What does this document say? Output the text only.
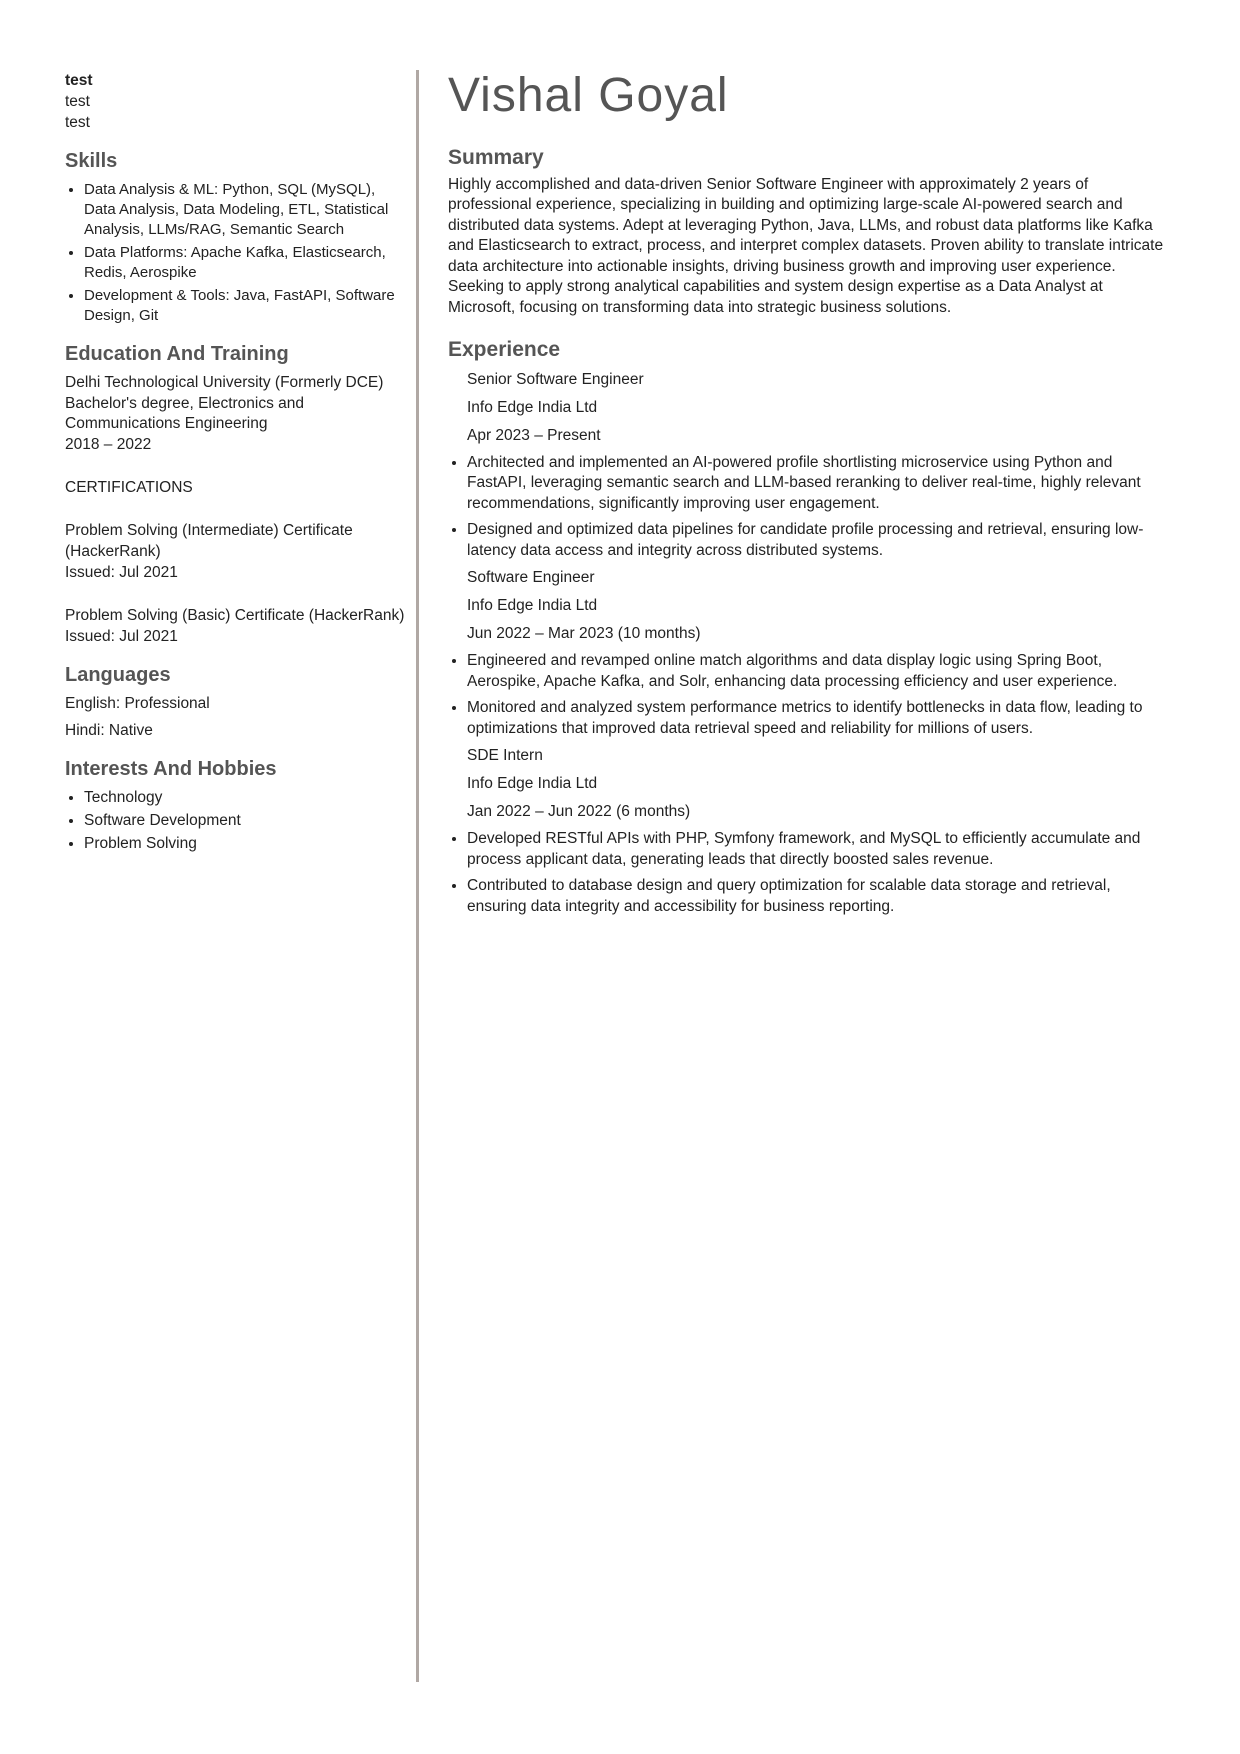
test
test
test
Skills
• Data Analysis & ML: Python, SQL (MySQL), Data Analysis, Data Modeling, ETL, Statistical Analysis, LLMs/RAG, Semantic Search
• Data Platforms: Apache Kafka, Elasticsearch, Redis, Aerospike
• Development & Tools: Java, FastAPI, Software Design, Git
Education And Training

Delhi Technological University (Formerly DCE)

Bachelor's degree, Electronics and Communications Engineering

2018 – 2022

CERTIFICATIONS

Problem Solving (Intermediate) Certificate (HackerRank)

Issued: Jul 2021

Problem Solving (Basic) Certificate (HackerRank)

Issued: Jul 2021

Languages

English: Professional

Hindi: Native

Interests And Hobbies
• Technology
• Software Development
• Problem Solving
Vishal Goyal
Summary

Highly accomplished and data-driven Senior Software Engineer with approximately 2 years of professional experience, specializing in building and optimizing large-scale AI-powered search and distributed data systems. Adept at leveraging Python, Java, LLMs, and robust data platforms like Kafka and Elasticsearch to extract, process, and interpret complex datasets. Proven ability to translate intricate data architecture into actionable insights, driving business growth and improving user experience. Seeking to apply strong analytical capabilities and system design expertise as a Data Analyst at Microsoft, focusing on transforming data into strategic business solutions.

Experience

Senior Software Engineer

Info Edge India Ltd

Apr 2023 – Present

• Architected and implemented an AI-powered profile shortlisting microservice using Python and FastAPI, leveraging semantic search and LLM-based reranking to deliver real-time, highly relevant recommendations, significantly improving user engagement.
• Designed and optimized data pipelines for candidate profile processing and retrieval, ensuring low-latency data access and integrity across distributed systems.

Software Engineer

Info Edge India Ltd

Jun 2022 – Mar 2023 (10 months)

• Engineered and revamped online match algorithms and data display logic using Spring Boot, Aerospike, Apache Kafka, and Solr, enhancing data processing efficiency and user experience.
• Monitored and analyzed system performance metrics to identify bottlenecks in data flow, leading to optimizations that improved data retrieval speed and reliability for millions of users.

SDE Intern

Info Edge India Ltd

Jan 2022 – Jun 2022 (6 months)

• Developed RESTful APIs with PHP, Symfony framework, and MySQL to efficiently accumulate and process applicant data, generating leads that directly boosted sales revenue.
• Contributed to database design and query optimization for scalable data storage and retrieval, ensuring data integrity and accessibility for business reporting.
